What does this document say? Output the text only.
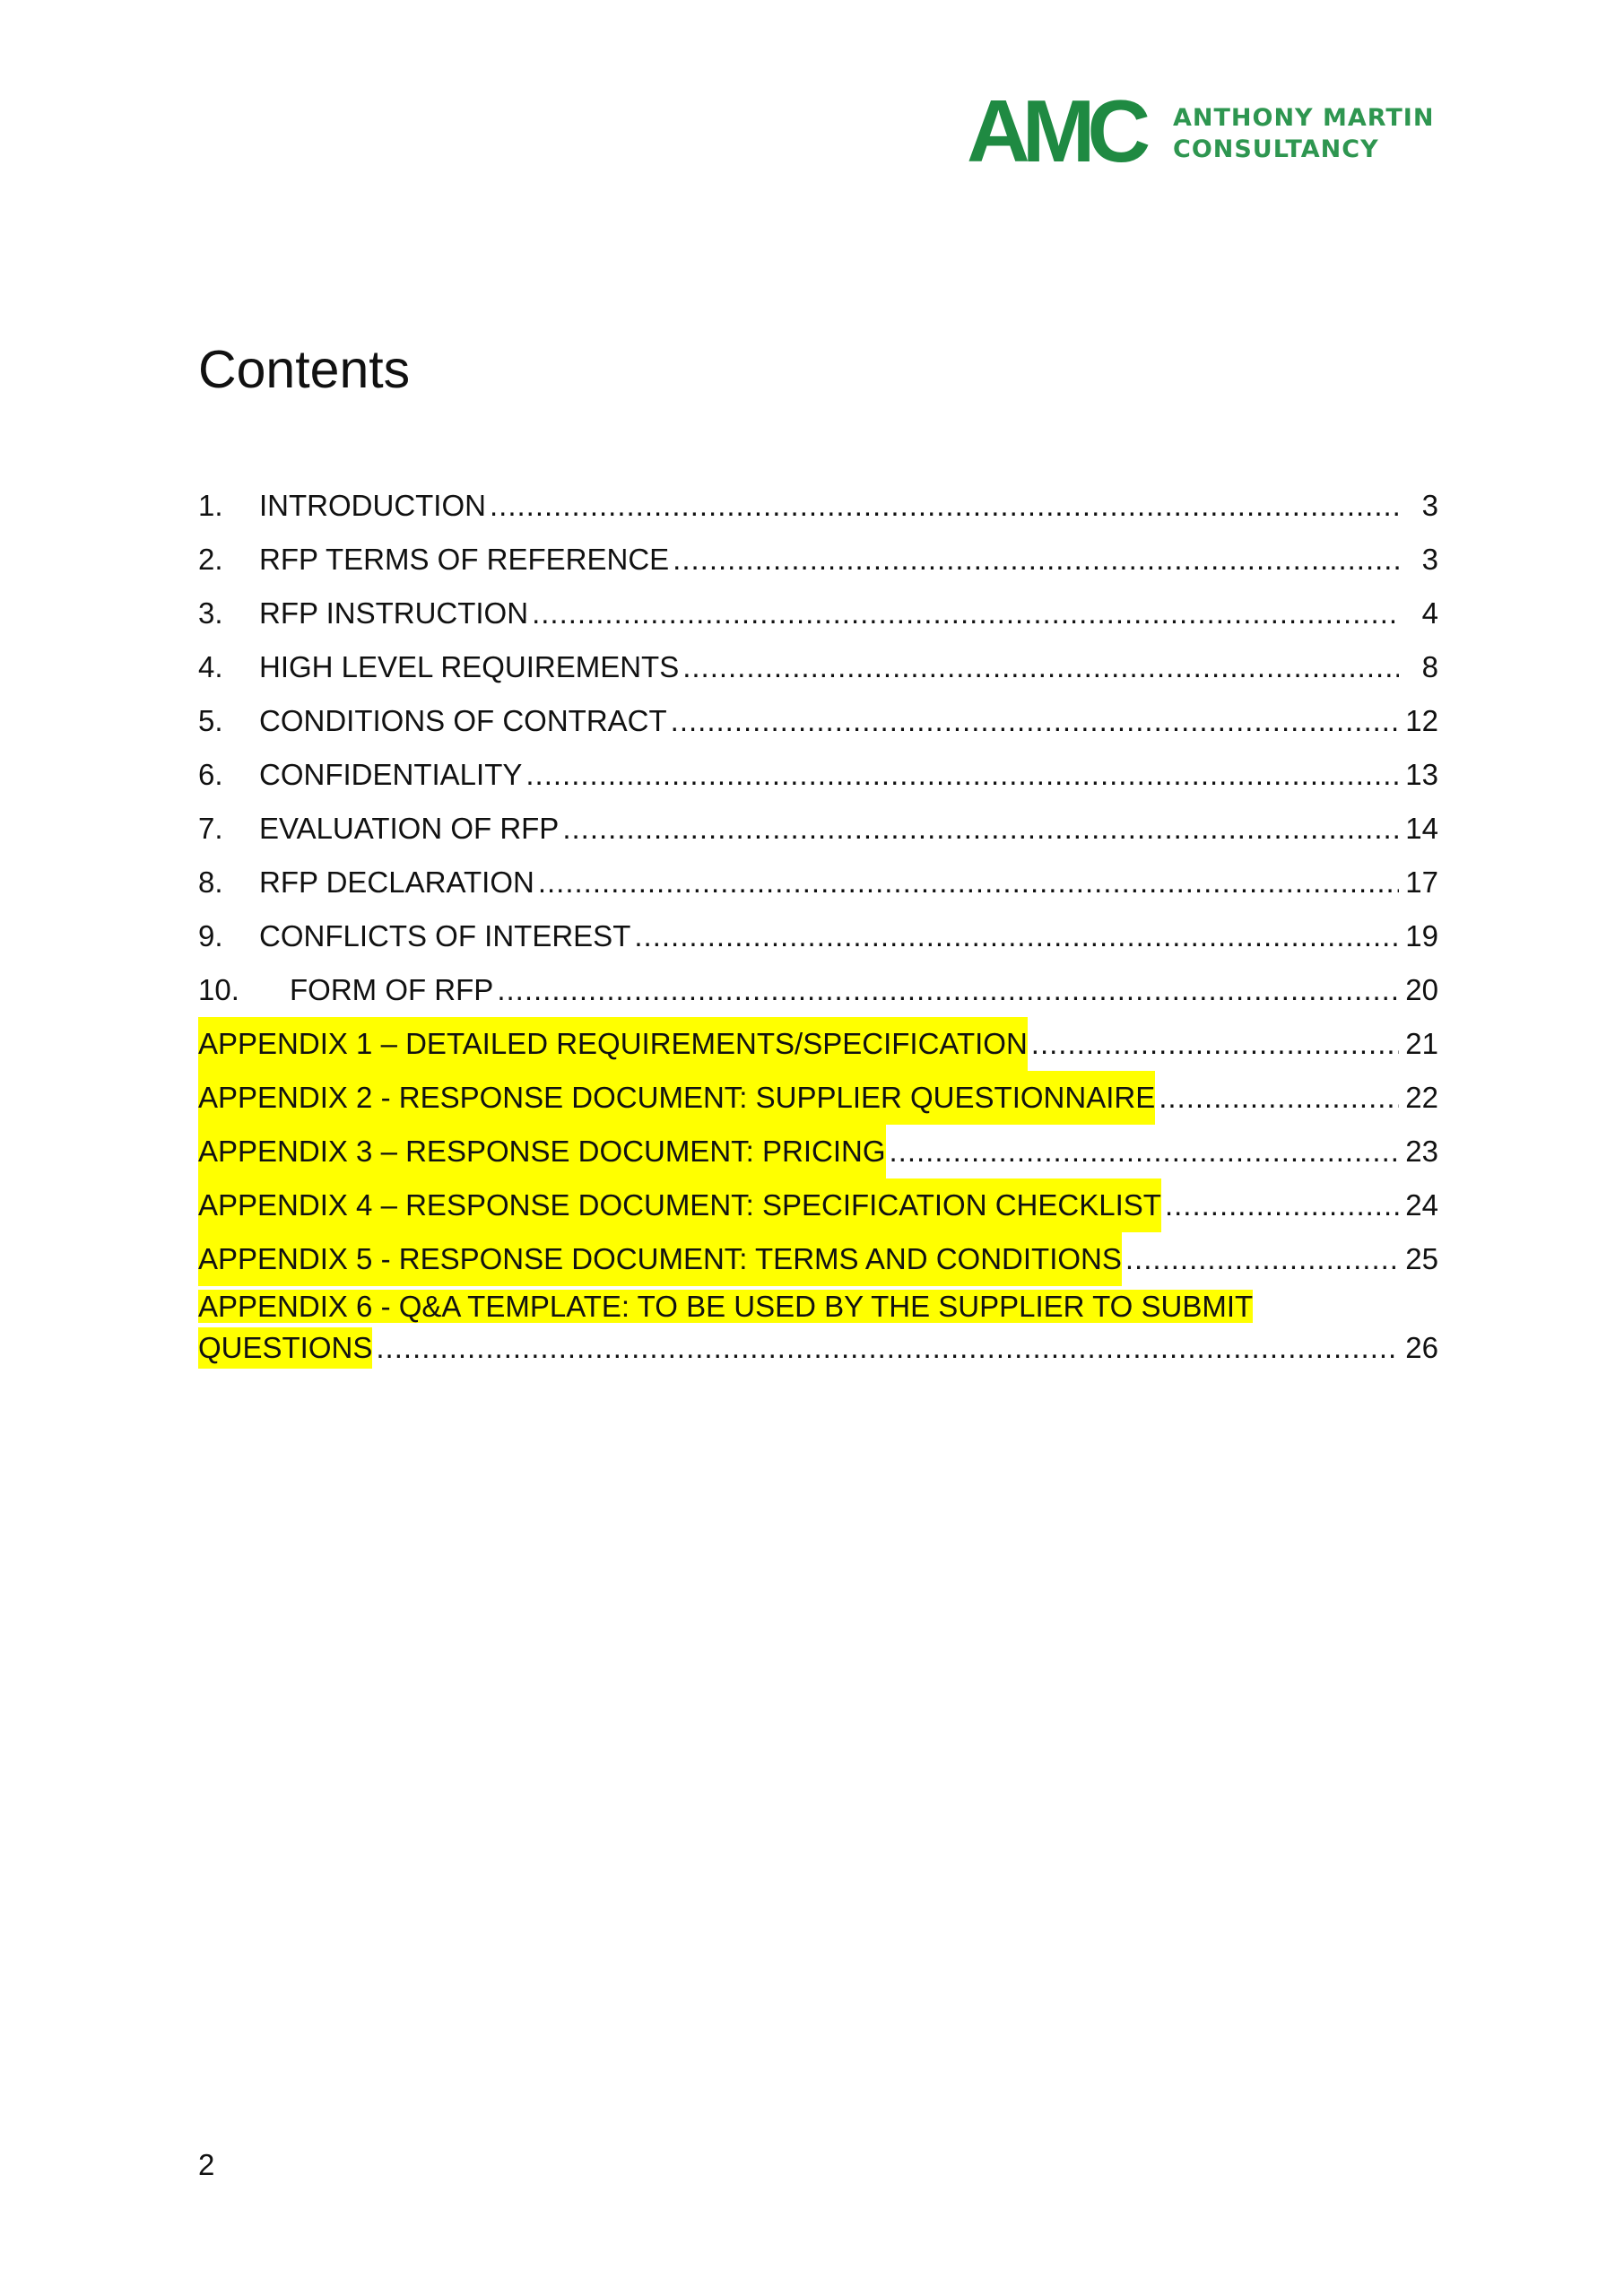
AMC ANTHONY MARTIN
CONSULTANCY
Contents
1.	INTRODUCTION .....	3
2.	RFP TERMS OF REFERENCE .....	3
3.	RFP INSTRUCTION .....	4
4.	HIGH LEVEL REQUIREMENTS .....	8
5.	CONDITIONS OF CONTRACT .....	12
6.	CONFIDENTIALITY .....	13
7.	EVALUATION OF RFP .....	14
8.	RFP DECLARATION .....	17
9.	CONFLICTS OF INTEREST .....	19
10.	FORM OF RFP .....	20
APPENDIX 1 – DETAILED REQUIREMENTS/SPECIFICATION .....	21
APPENDIX 2 - RESPONSE DOCUMENT: SUPPLIER QUESTIONNAIRE .....	22
APPENDIX 3 – RESPONSE DOCUMENT: PRICING .....	23
APPENDIX 4 – RESPONSE DOCUMENT: SPECIFICATION CHECKLIST .....	24
APPENDIX 5 - RESPONSE DOCUMENT: TERMS AND CONDITIONS .....	25
APPENDIX 6 - Q&A TEMPLATE: TO BE USED BY THE SUPPLIER TO SUBMIT
QUESTIONS .....	26
2
